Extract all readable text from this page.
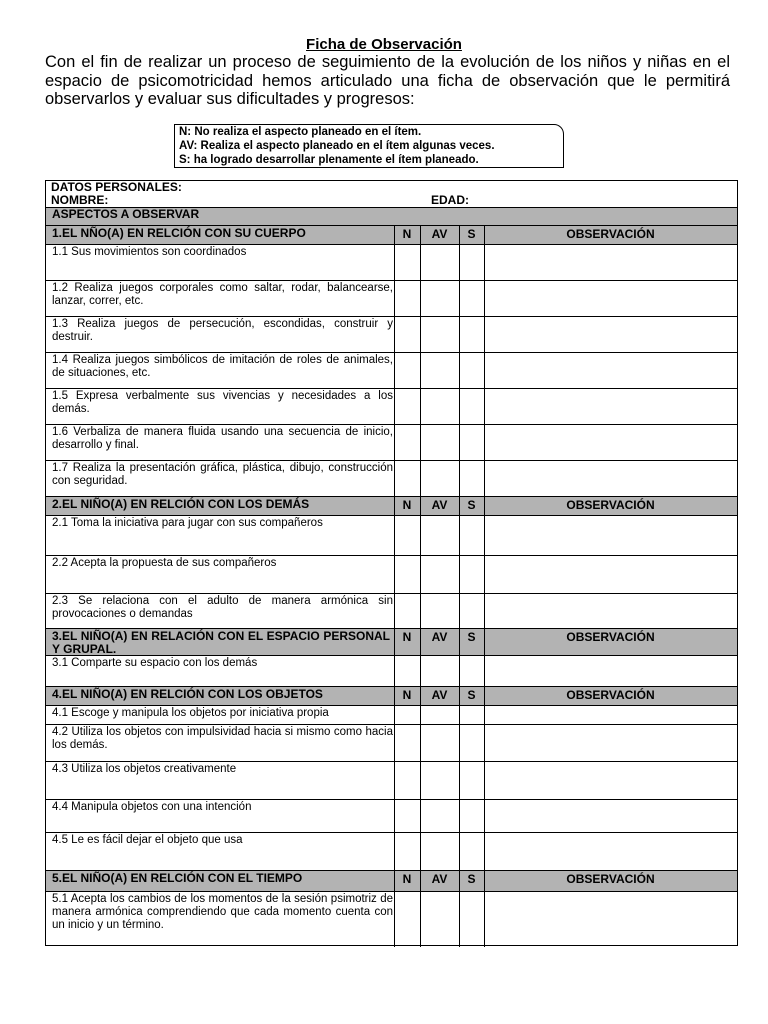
Ficha de Observación
Con el fin de realizar un proceso de seguimiento de la evolución de los niños y niñas en el espacio de psicomotricidad hemos articulado una ficha de observación que le permitirá observarlos y evaluar sus dificultades y progresos:
N: No realiza el aspecto planeado en el ítem.
AV: Realiza el aspecto planeado en el ítem algunas veces.
S: ha logrado desarrollar plenamente el ítem planeado.
DATOS PERSONALES:
NOMBRE:	EDAD:
ASPECTOS A OBSERVAR
1.EL NÑO(A) EN RELCIÓN CON SU CUERPO	N	AV	S	OBSERVACIÓN
1.1 Sus movimientos son coordinados
1.2 Realiza juegos corporales como saltar, rodar, balancearse, lanzar, correr, etc.
1.3 Realiza juegos de persecución, escondidas, construir y destruir.
1.4 Realiza juegos simbólicos de imitación de roles de animales, de situaciones, etc.
1.5 Expresa verbalmente sus vivencias y necesidades a los demás.
1.6 Verbaliza de manera fluida usando una secuencia de inicio, desarrollo y final.
1.7 Realiza la presentación gráfica, plástica, dibujo, construcción con seguridad.
2.EL NIÑO(A) EN RELCIÓN CON LOS DEMÁS	N	AV	S	OBSERVACIÓN
2.1 Toma la iniciativa para jugar con sus compañeros
2.2 Acepta la propuesta de sus compañeros
2.3 Se relaciona con el adulto de manera armónica sin provocaciones o demandas
3.EL NIÑO(A) EN RELACIÓN CON EL ESPACIO PERSONAL Y GRUPAL.
N	AV	S	OBSERVACIÓN
3.1 Comparte su espacio con los demás
4.EL NIÑO(A) EN RELCIÓN CON LOS OBJETOS	N	AV	S	OBSERVACIÓN
4.1 Escoge y manipula los objetos por iniciativa propia
4.2 Utiliza los objetos con impulsividad hacia si mismo como hacia los demás.
4.3 Utiliza los objetos creativamente
4.4 Manipula objetos con una intención
4.5 Le es fácil dejar el objeto que usa
5.EL NIÑO(A) EN RELCIÓN CON EL TIEMPO	N	AV	S	OBSERVACIÓN
5.1 Acepta los cambios de los momentos de la sesión psimotriz de manera armónica comprendiendo que cada momento cuenta con un inicio y un término.
